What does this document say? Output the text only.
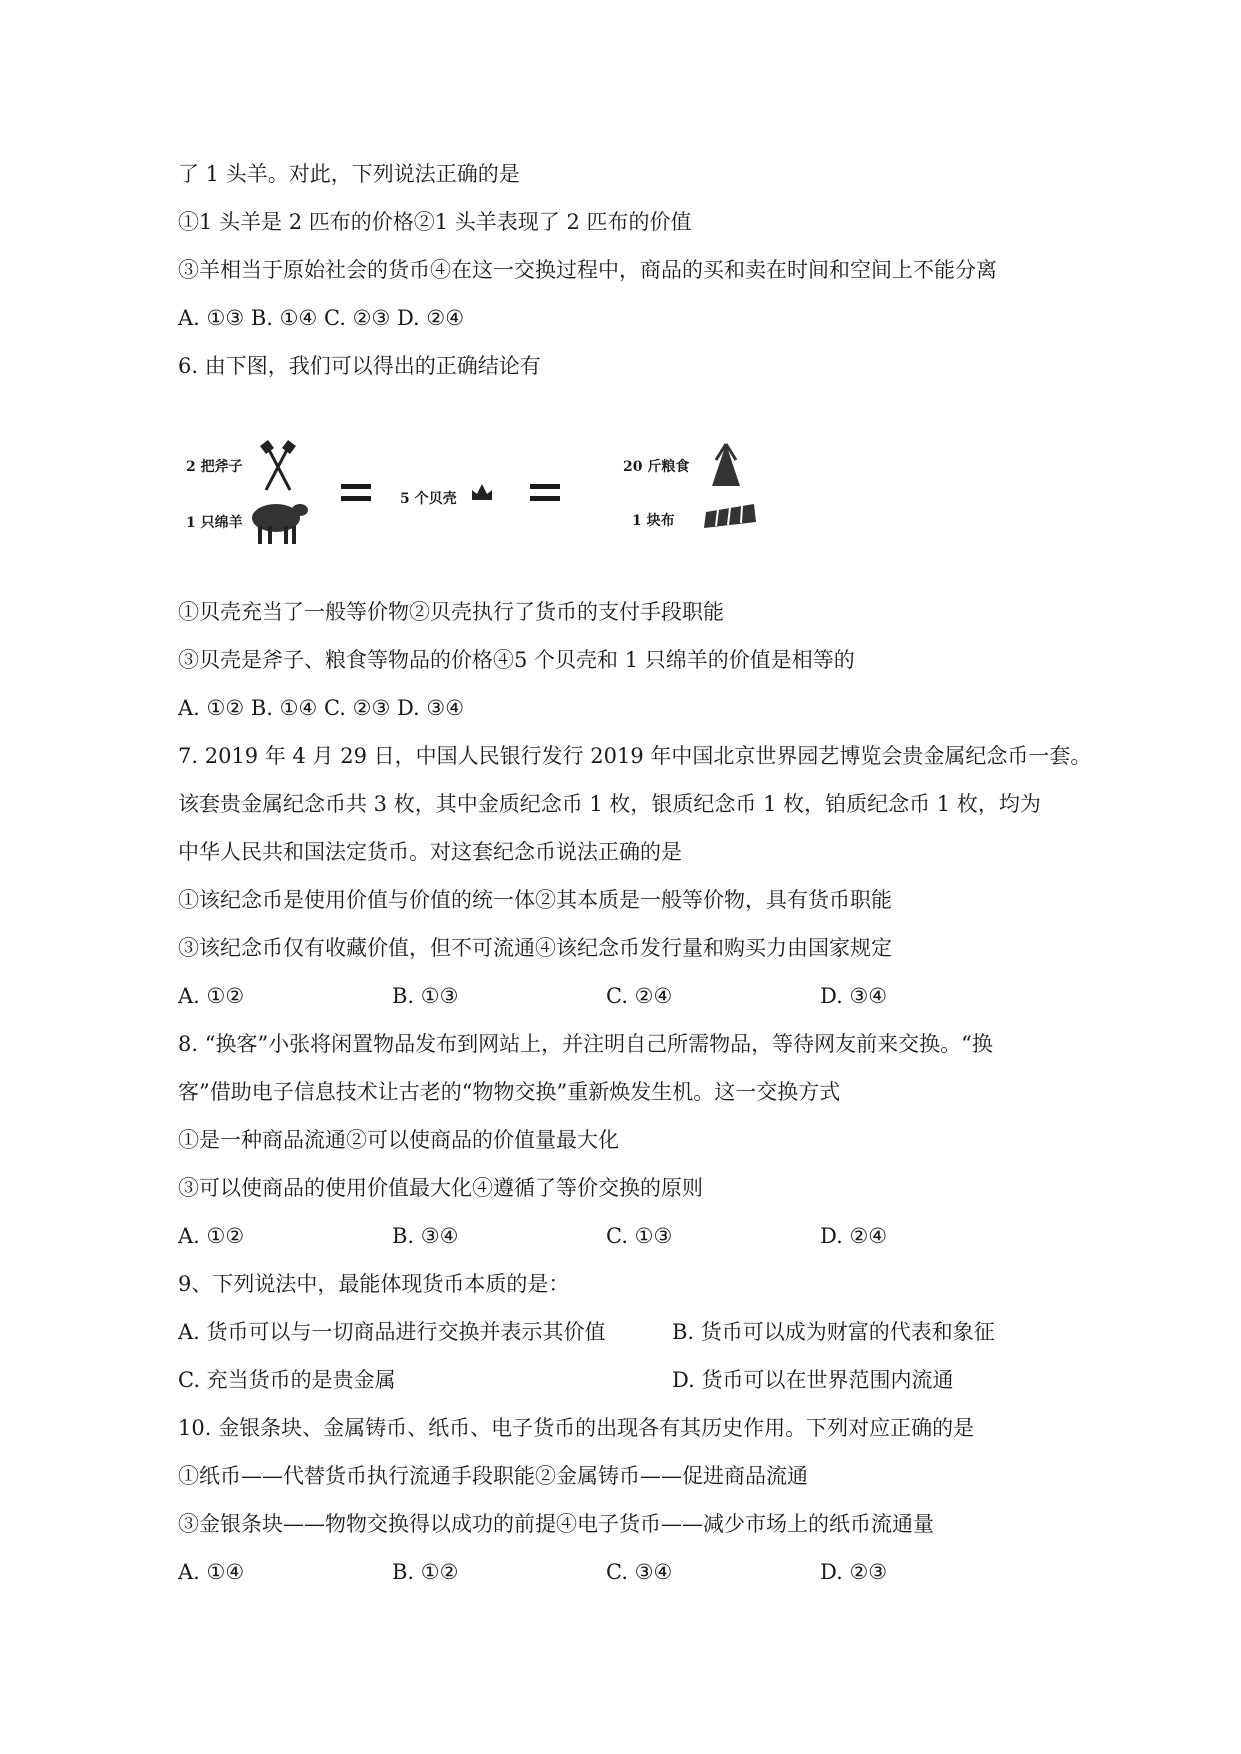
了 1 头羊。对此，下列说法正确的是
①1 头羊是 2 匹布的价格②1 头羊表现了 2 匹布的价值
③羊相当于原始社会的货币④在这一交换过程中，商品的买和卖在时间和空间上不能分离
A. ①③ B. ①④ C. ②③ D. ②④
6. 由下图，我们可以得出的正确结论有
2 把斧子
1 只绵羊
5 个贝壳
20 斤粮食
1 块布
①贝壳充当了一般等价物②贝壳执行了货币的支付手段职能
③贝壳是斧子、粮食等物品的价格④5 个贝壳和 1 只绵羊的价值是相等的
A. ①② B. ①④ C. ②③ D. ③④
7. 2019 年 4 月 29 日，中国人民银行发行 2019 年中国北京世界园艺博览会贵金属纪念币一套。
该套贵金属纪念币共 3 枚，其中金质纪念币 1 枚，银质纪念币 1 枚，铂质纪念币 1 枚，均为
中华人民共和国法定货币。对这套纪念币说法正确的是
①该纪念币是使用价值与价值的统一体②其本质是一般等价物，具有货币职能
③该纪念币仅有收藏价值，但不可流通④该纪念币发行量和购买力由国家规定
A. ①②	B. ①③	C. ②④	D. ③④
8. “换客”小张将闲置物品发布到网站上，并注明自己所需物品，等待网友前来交换。“换
客”借助电子信息技术让古老的“物物交换”重新焕发生机。这一交换方式
①是一种商品流通②可以使商品的价值量最大化
③可以使商品的使用价值最大化④遵循了等价交换的原则
A. ①②	B. ③④	C. ①③	D. ②④
9、下列说法中，最能体现货币本质的是：
A. 货币可以与一切商品进行交换并表示其价值	B. 货币可以成为财富的代表和象征
C. 充当货币的是贵金属	D. 货币可以在世界范围内流通
10. 金银条块、金属铸币、纸币、电子货币的出现各有其历史作用。下列对应正确的是
①纸币——代替货币执行流通手段职能②金属铸币——促进商品流通
③金银条块——物物交换得以成功的前提④电子货币——减少市场上的纸币流通量
A. ①④	B. ①②	C. ③④	D. ②③
